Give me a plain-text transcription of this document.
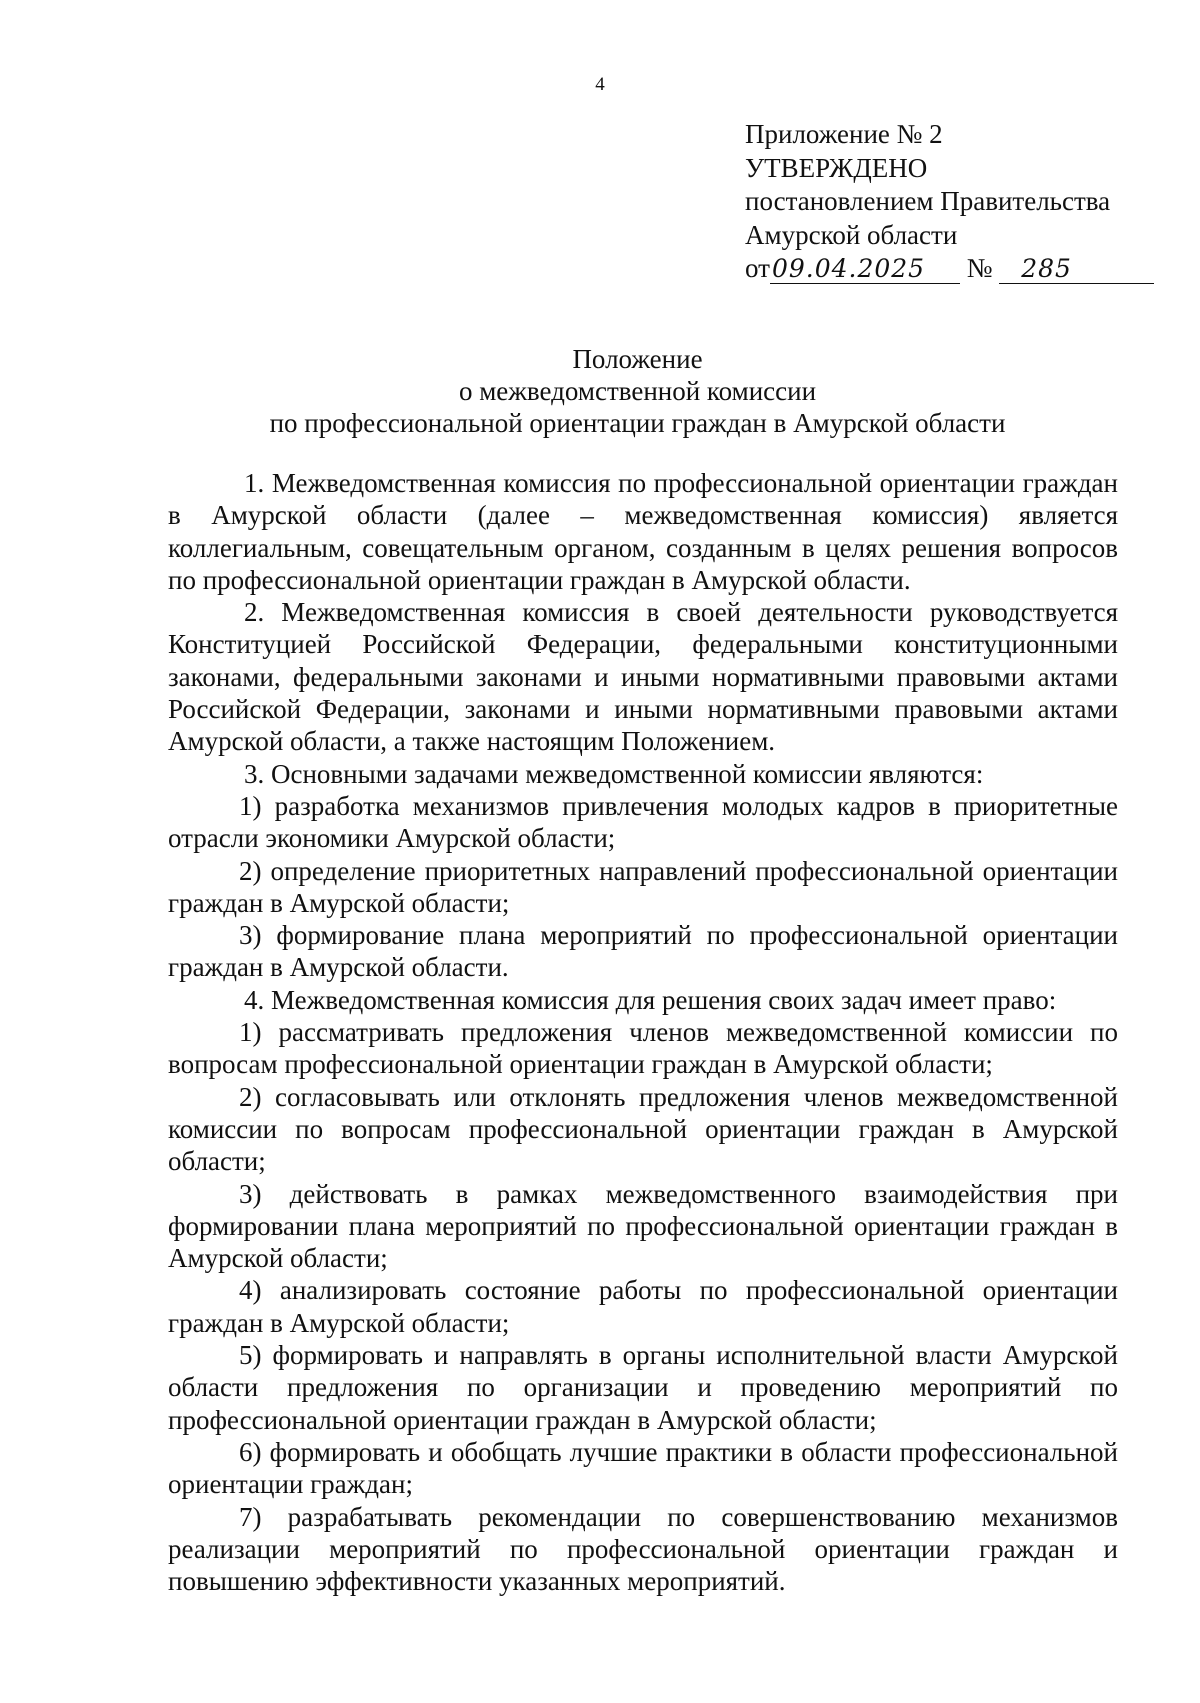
4
Приложение № 2
УТВЕРЖДЕНО
постановлением Правительства
Амурской области
от09.04.2025 № 285
Положение
о межведомственной комиссии
по профессиональной ориентации граждан в Амурской области

1. Межведомственная комиссия по профессиональной ориентации граждан в Амурской области (далее – межведомственная комиссия) является коллегиальным, совещательным органом, созданным в целях решения вопросов по профессиональной ориентации граждан в Амурской области.

2. Межведомственная комиссия в своей деятельности руководствуется Конституцией Российской Федерации, федеральными конституционными законами, федеральными законами и иными нормативными правовыми актами Российской Федерации, законами и иными нормативными правовыми актами Амурской области, а также настоящим Положением.

3. Основными задачами межведомственной комиссии являются:

1) разработка механизмов привлечения молодых кадров в приоритетные отрасли экономики Амурской области;

2) определение приоритетных направлений профессиональной ориентации граждан в Амурской области;

3) формирование плана мероприятий по профессиональной ориентации граждан в Амурской области.

4. Межведомственная комиссия для решения своих задач имеет право:

1) рассматривать предложения членов межведомственной комиссии по вопросам профессиональной ориентации граждан в Амурской области;

2) согласовывать или отклонять предложения членов межведомственной комиссии по вопросам профессиональной ориентации граждан в Амурской области;

3) действовать в рамках межведомственного взаимодействия при формировании плана мероприятий по профессиональной ориентации граждан в Амурской области;

4) анализировать состояние работы по профессиональной ориентации граждан в Амурской области;

5) формировать и направлять в органы исполнительной власти Амурской области предложения по организации и проведению мероприятий по профессиональной ориентации граждан в Амурской области;

6) формировать и обобщать лучшие практики в области профессиональной ориентации граждан;

7) разрабатывать рекомендации по совершенствованию механизмов реализации мероприятий по профессиональной ориентации граждан и повышению эффективности указанных мероприятий.
